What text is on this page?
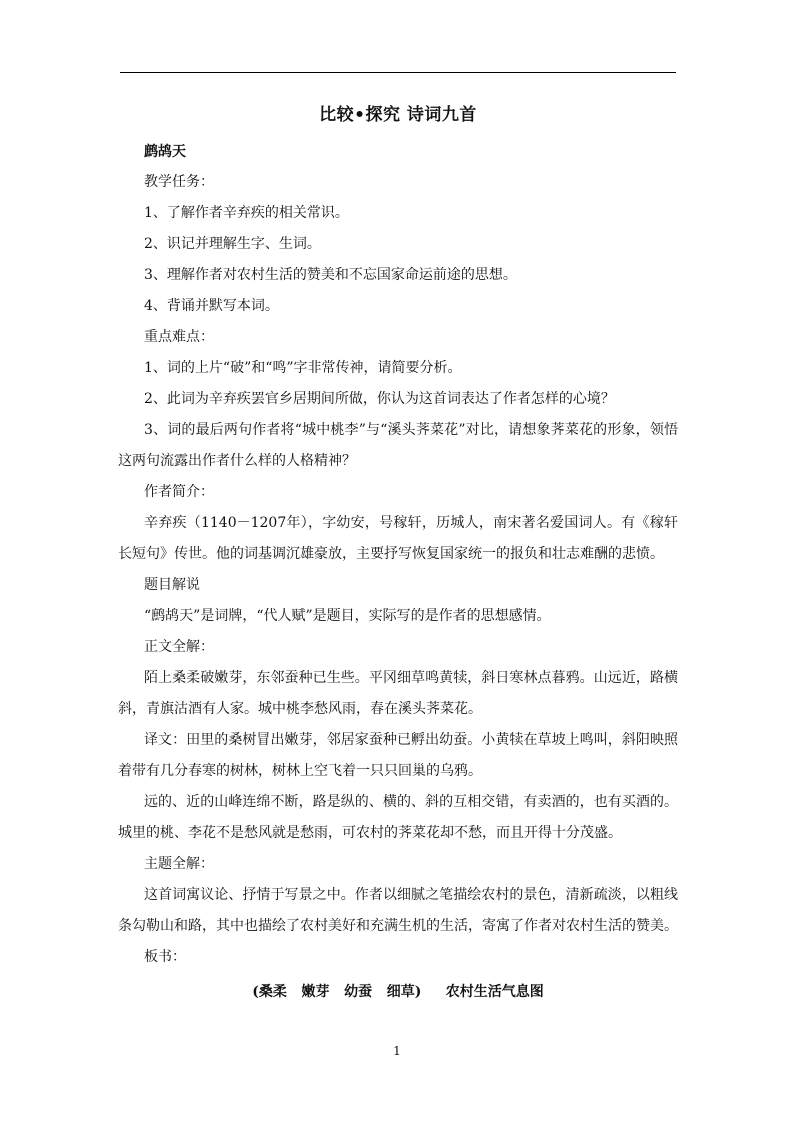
比较•探究 诗词九首
鹧鸪天

教学任务：

1、了解作者辛弃疾的相关常识。

2、识记并理解生字、生词。

3、理解作者对农村生活的赞美和不忘国家命运前途的思想。

4、背诵并默写本词。

重点难点：

1、词的上片“破”和“鸣”字非常传神，请简要分析。

2、此词为辛弃疾罢官乡居期间所做，你认为这首词表达了作者怎样的心境？

3、词的最后两句作者将“城中桃李”与“溪头荠菜花”对比，请想象荠菜花的形象，领悟这两句流露出作者什么样的人格精神？

作者简介：

辛弃疾（1140－1207年），字幼安，号稼轩，历城人，南宋著名爱国词人。有《稼轩长短句》传世。他的词基调沉雄豪放，主要抒写恢复国家统一的报负和壮志难酬的悲愤。

题目解说

“鹧鸪天”是词牌，“代人赋”是题目，实际写的是作者的思想感情。

正文全解：

陌上桑柔破嫩芽，东邻蚕种已生些。平冈细草鸣黄犊，斜日寒林点暮鸦。山远近，路横斜，青旗沽酒有人家。城中桃李愁风雨，春在溪头荠菜花。

译文：田里的桑树冒出嫩芽，邻居家蚕种已孵出幼蚕。小黄犊在草坡上鸣叫，斜阳映照着带有几分春寒的树林，树林上空飞着一只只回巢的乌鸦。

远的、近的山峰连绵不断，路是纵的、横的、斜的互相交错，有卖酒的，也有买酒的。城里的桃、李花不是愁风就是愁雨，可农村的荠菜花却不愁，而且开得十分茂盛。

主题全解：

这首词寓议论、抒情于写景之中。作者以细腻之笔描绘农村的景色，清新疏淡，以粗线条勾勒山和路，其中也描绘了农村美好和充满生机的生活，寄寓了作者对农村生活的赞美。

板书：

(桑柔   嫩芽   幼蚕   细草)     农村生活气息图
1
